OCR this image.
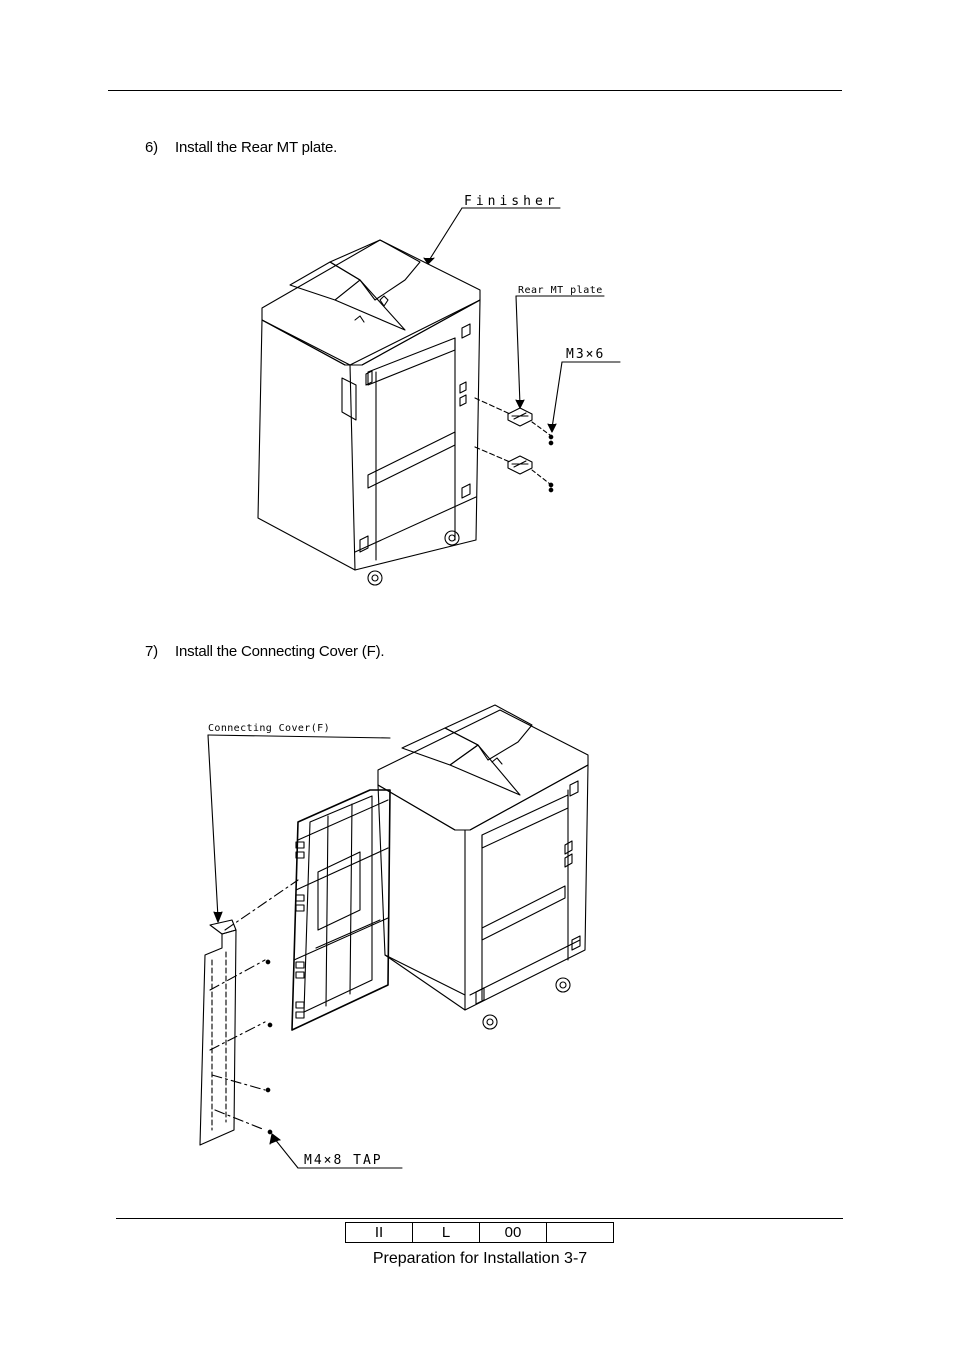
6) Install the Rear MT plate.
7) Install the Connecting Cover (F).
Finisher
Rear MT plate
M3×6
Connecting Cover(F)
M4×8 TAP
II	L	00	
Preparation for Installation 3-7
